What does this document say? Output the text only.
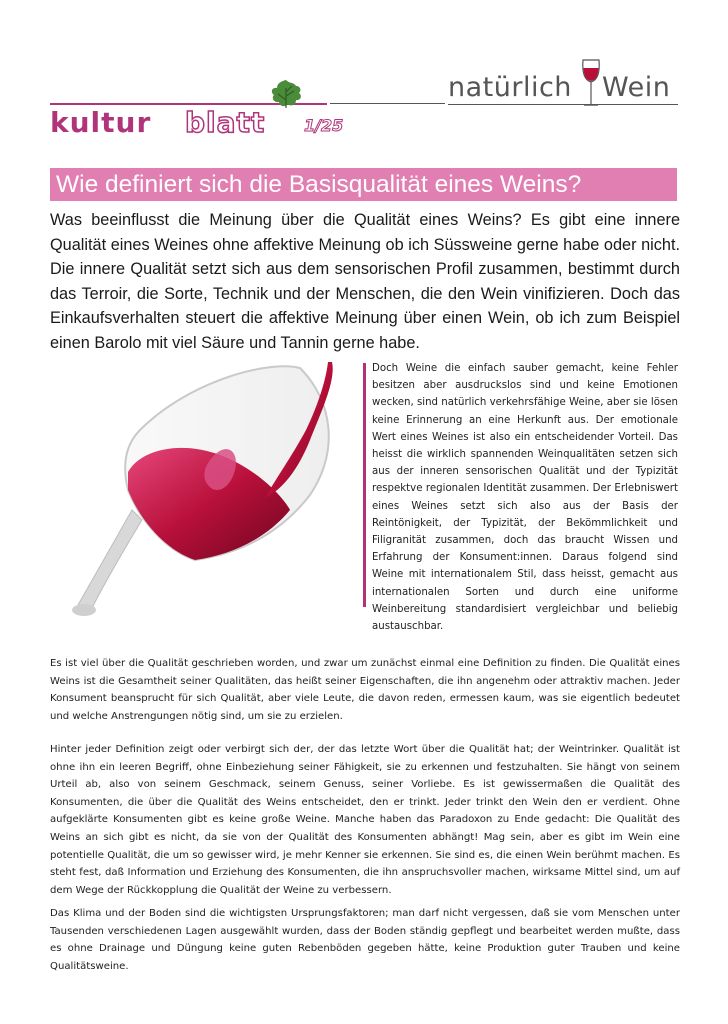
kultur blatt 1/25
natürlich Wein
Wie definiert sich die Basisqualität eines Weins?

Was beeinflusst die Meinung über die Qualität eines Weins? Es gibt eine innere Qualität eines Weines ohne affektive Meinung ob ich Süssweine gerne habe oder nicht. Die innere Qualität setzt sich aus dem sensorischen Profil zusammen, bestimmt durch das Terroir, die Sorte, Technik und der Menschen, die den Wein vinifizieren. Doch das Einkaufsverhalten steuert die affektive Meinung über einen Wein, ob ich zum Beispiel einen Barolo mit viel Säure und Tannin gerne habe.

Doch Weine die einfach sauber gemacht, keine Fehler besitzen aber ausdruckslos sind und keine Emotionen wecken, sind natürlich verkehrsfähige Weine, aber sie lösen keine Erinnerung an eine Herkunft aus. Der emotionale Wert eines Weines ist also ein entscheidender Vorteil. Das heisst die wirklich spannenden Weinqualitäten setzen sich aus der inneren sensorischen Qualität und der Typizität respektve regionalen Identität zusammen. Der Erlebniswert eines Weines setzt sich also aus der Basis der Reintönigkeit, der Typizität, der Bekömmlichkeit und Filigranität zusammen, doch das braucht Wissen und Erfahrung der Konsument:innen. Daraus folgend sind Weine mit internationalem Stil, dass heisst, gemacht aus internationalen Sorten und durch eine uniforme Weinbereitung standardisiert vergleichbar und beliebig austauschbar.

Es ist viel über die Qualität geschrieben worden, und zwar um zunächst einmal eine Definition zu finden. Die Qualität eines Weins ist die Gesamtheit seiner Qualitäten, das heißt seiner Eigenschaften, die ihn angenehm oder attraktiv machen. Jeder Konsument beansprucht für sich Qualität, aber viele Leute, die davon reden, ermessen kaum, was sie eigentlich bedeutet und welche Anstrengungen nötig sind, um sie zu erzielen.

Hinter jeder Definition zeigt oder verbirgt sich der, der das letzte Wort über die Qualität hat; der Weintrinker. Qualität ist ohne ihn ein leeren Begriff, ohne Einbeziehung seiner Fähigkeit, sie zu erkennen und festzuhalten. Sie hängt von seinem Urteil ab, also von seinem Geschmack, seinem Genuss, seiner Vorliebe. Es ist gewissermaßen die Qualität des Konsumenten, die über die Qualität des Weins entscheidet, den er trinkt. Jeder trinkt den Wein den er verdient. Ohne aufgeklärte Konsumenten gibt es keine große Weine. Manche haben das Paradoxon zu Ende gedacht: Die Qualität des Weins an sich gibt es nicht, da sie von der Qualität des Konsumenten abhängt! Mag sein, aber es gibt im Wein eine potentielle Qualität, die um so gewisser wird, je mehr Kenner sie erkennen. Sie sind es, die einen Wein berühmt machen. Es steht fest, daß Information und Erziehung des Konsumenten, die ihn anspruchsvoller machen, wirksame Mittel sind, um auf dem Wege der Rückkopplung die Qualität der Weine zu verbessern.

Das Klima und der Boden sind die wichtigsten Ursprungsfaktoren; man darf nicht vergessen, daß sie vom Menschen unter Tausenden verschiedenen Lagen ausgewählt wurden, dass der Boden ständig gepflegt und bearbeitet werden mußte, dass es ohne Drainage und Düngung keine guten Rebenböden gegeben hätte, keine Produktion guter Trauben und keine Qualitätsweine.
